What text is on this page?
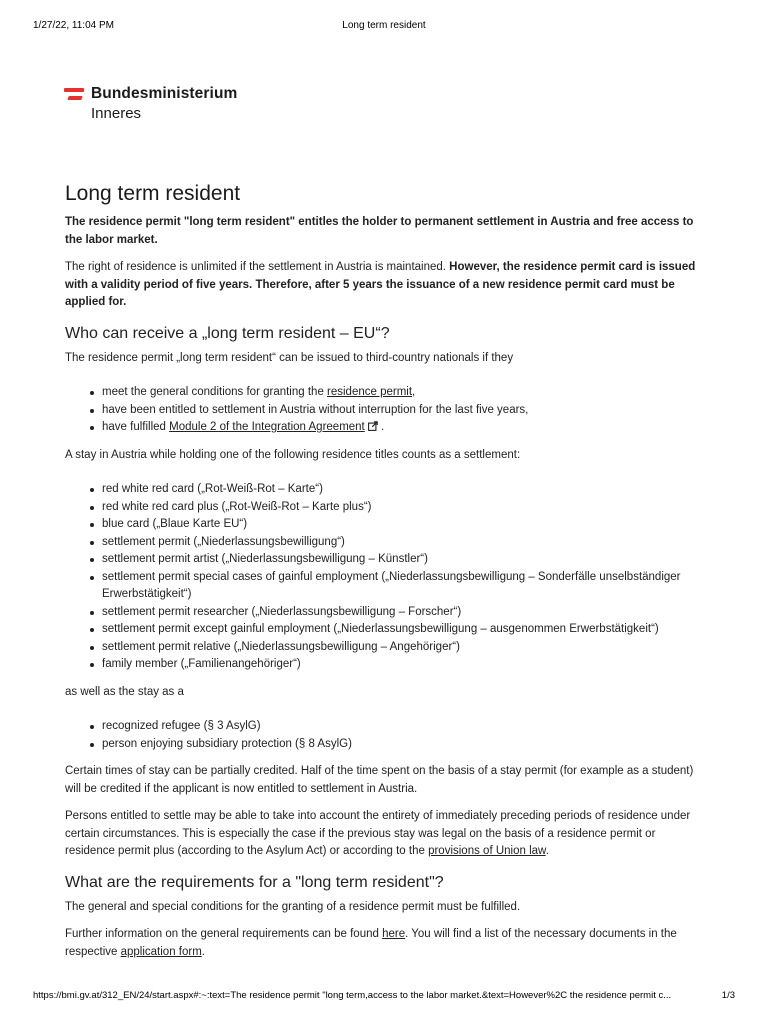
1/27/22, 11:04 PM	Long term resident
Bundesministerium
Inneres
Long term resident

The residence permit "long term resident" entitles the holder to permanent settlement in Austria and free access to the labor market.

The right of residence is unlimited if the settlement in Austria is maintained. However, the residence permit card is issued with a validity period of five years. Therefore, after 5 years the issuance of a new residence permit card must be applied for.

Who can receive a „long term resident – EU“?

The residence permit „long term resident“ can be issued to third-country nationals if they

meet the general conditions for granting the residence permit,
have been entitled to settlement in Austria without interruption for the last five years,
have fulfilled Module 2 of the Integration Agreement .

A stay in Austria while holding one of the following residence titles counts as a settlement:

red white red card („Rot-Weiß-Rot – Karte“)
red white red card plus („Rot-Weiß-Rot – Karte plus“)
blue card („Blaue Karte EU“)
settlement permit („Niederlassungsbewilligung“)
settlement permit artist („Niederlassungsbewilligung – Künstler“)
settlement permit special cases of gainful employment („Niederlassungsbewilligung – Sonderfälle unselbständiger Erwerbstätigkeit“)
settlement permit researcher („Niederlassungsbewilligung – Forscher“)
settlement permit except gainful employment („Niederlassungsbewilligung – ausgenommen Erwerbstätigkeit“)
settlement permit relative („Niederlassungsbewilligung – Angehöriger“)
family member („Familienangehöriger“)

as well as the stay as a

recognized refugee (§ 3 AsylG)
person enjoying subsidiary protection (§ 8 AsylG)

Certain times of stay can be partially credited. Half of the time spent on the basis of a stay permit (for example as a student) will be credited if the applicant is now entitled to settlement in Austria.

Persons entitled to settle may be able to take into account the entirety of immediately preceding periods of residence under certain circumstances. This is especially the case if the previous stay was legal on the basis of a residence permit or residence permit plus (according to the Asylum Act) or according to the provisions of Union law.

What are the requirements for a "long term resident"?

The general and special conditions for the granting of a residence permit must be fulfilled.

Further information on the general requirements can be found here. You will find a list of the necessary documents in the respective application form.

https://bmi.gv.at/312_EN/24/start.aspx#:~:text=The residence permit "long term,access to the labor market.&text=However%2C the residence permit c...	1/3
